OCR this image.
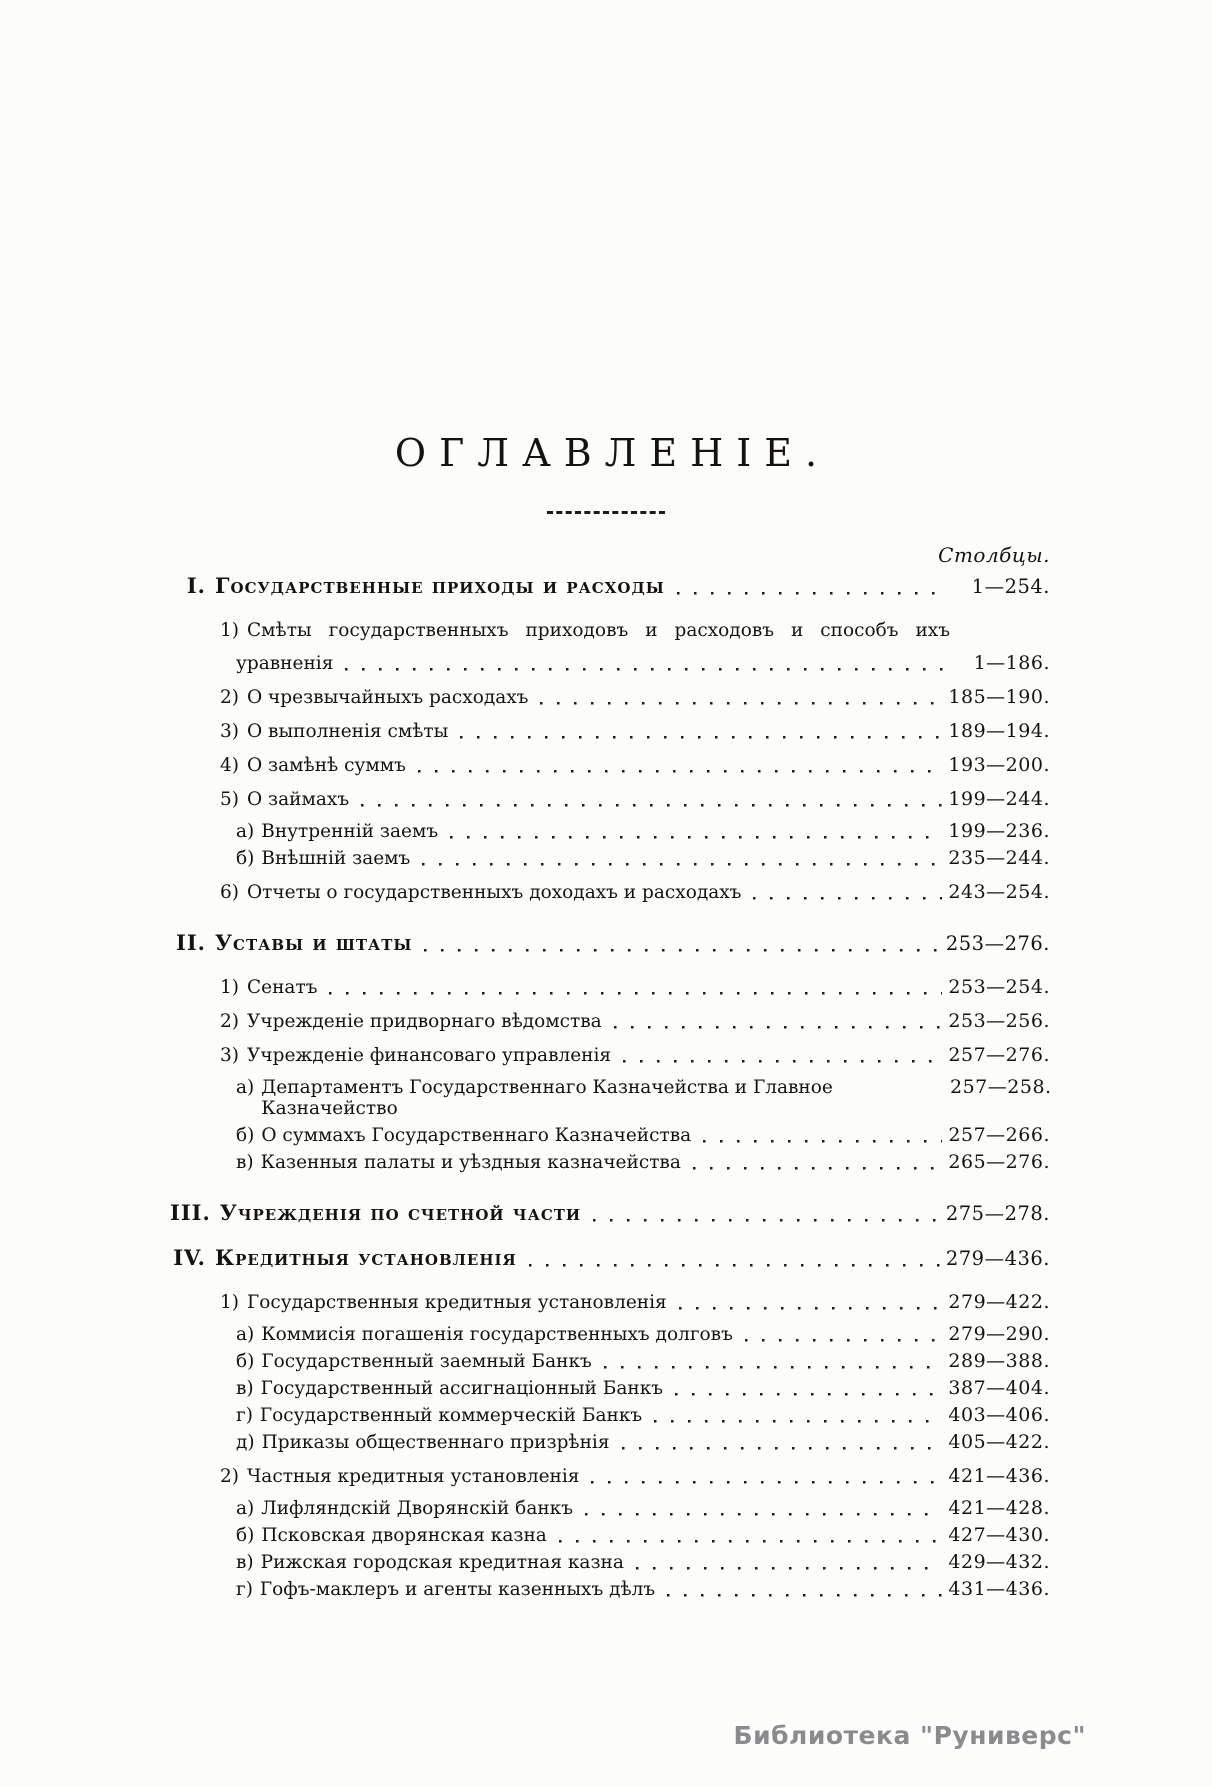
ОГЛАВЛЕНІЕ.
Столбцы.
I. Государственные приходы и расходы	1—254.
1) Смѣты государственныхъ приходовъ и расходовъ и способъ ихъ
уравненія	1—186.
2) О чрезвычайныхъ расходахъ	185—190.
3) О выполненія смѣты	189—194.
4) О замѣнѣ суммъ	193—200.
5) О займахъ	199—244.
а) Внутренній заемъ	199—236.
б) Внѣшній заемъ	235—244.
6) Отчеты о государственныхъ доходахъ и расходахъ	243—254.
II. Уставы и штаты	253—276.
1) Сенатъ	253—254.
2) Учрежденіе придворнаго вѣдомства	253—256.
3) Учрежденіе финансоваго управленія	257—276.
а) Департаментъ Государственнаго Казначейства и Главное Казначейство
257—258.
б) О суммахъ Государственнаго Казначейства	257—266.
в) Казенныя палаты и уѣздныя казначейства	265—276.
III. Учрежденія по счетной части	275—278.
IV. Кредитныя установленія	279—436.
1) Государственныя кредитныя установленія	279—422.
а) Коммисія погашенія государственныхъ долговъ	279—290.
б) Государственный заемный Банкъ	289—388.
в) Государственный ассигнаціонный Банкъ	387—404.
г) Государственный коммерческій Банкъ	403—406.
д) Приказы общественнаго призрѣнія	405—422.
2) Частныя кредитныя установленія	421—436.
а) Лифляндскій Дворянскій банкъ	421—428.
б) Псковская дворянская казна	427—430.
в) Рижская городская кредитная казна	429—432.
г) Гофъ-маклеръ и агенты казенныхъ дѣлъ	431—436.
Библиотека "Руниверс"
